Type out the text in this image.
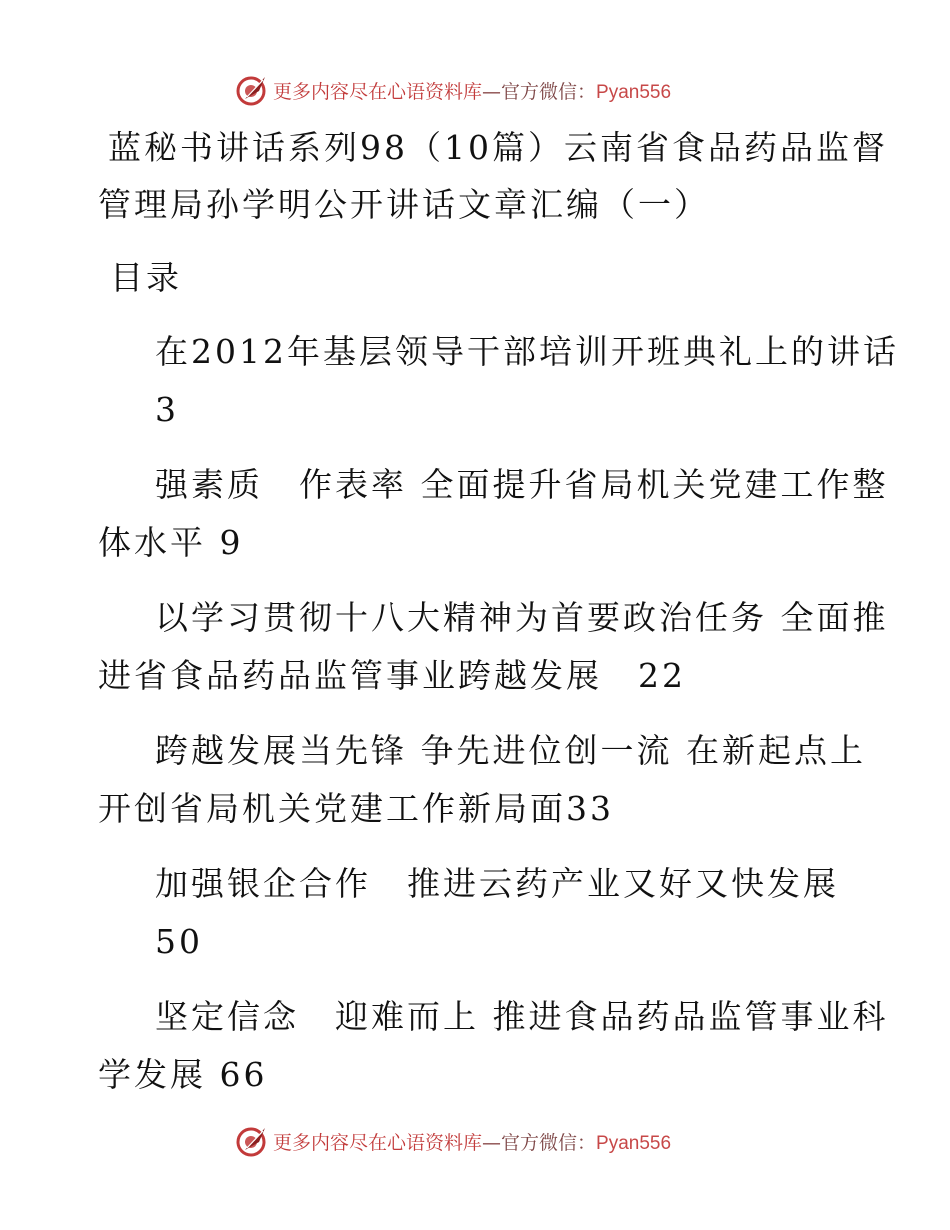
更多内容尽在心语资料库—官方微信：Pyan556

蓝秘书讲话系列98（10篇）云南省食品药品监督

管理局孙学明公开讲话文章汇编（一）

目录

在2012年基层领导干部培训开班典礼上的讲话

3

强素质　作表率 全面提升省局机关党建工作整

体水平 9

以学习贯彻十八大精神为首要政治任务 全面推

进省食品药品监管事业跨越发展　22

跨越发展当先锋 争先进位创一流 在新起点上

开创省局机关党建工作新局面33

加强银企合作　推进云药产业又好又快发展

50

坚定信念　迎难而上 推进食品药品监管事业科

学发展 66

更多内容尽在心语资料库—官方微信：Pyan556
